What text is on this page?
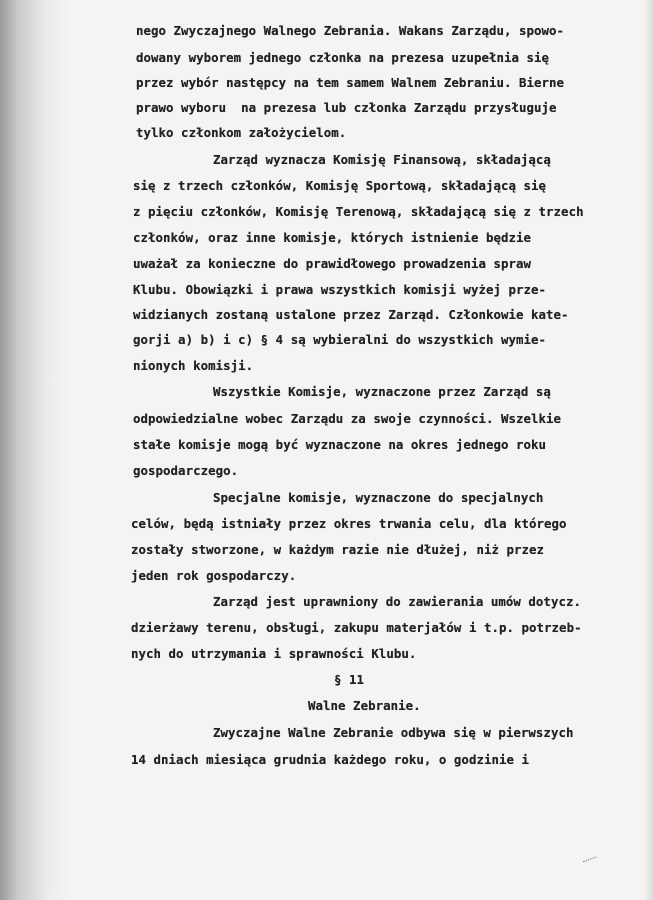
nego Zwyczajnego Walnego Zebrania. Wakans Zarządu, spowo-
dowany wyborem jednego członka na prezesa uzupełnia się
przez wybór następcy na tem samem Walnem Zebraniu. Bierne
prawo wyboru  na prezesa lub członka Zarządu przysługuje
tylko członkom założycielom.
Zarząd wyznacza Komisję Finansową, składającą
się z trzech członków, Komisję Sportową, składającą się
z pięciu członków, Komisję Terenową, składającą się z trzech
członków, oraz inne komisje, których istnienie będzie
uważał za konieczne do prawidłowego prowadzenia spraw
Klubu. Obowiązki i prawa wszystkich komisji wyżej prze-
widzianych zostaną ustalone przez Zarząd. Członkowie kate-
gorji a) b) i c) § 4 są wybieralni do wszystkich wymie-
nionych komisji.
Wszystkie Komisje, wyznaczone przez Zarząd są
odpowiedzialne wobec Zarządu za swoje czynności. Wszelkie
stałe komisje mogą być wyznaczone na okres jednego roku
gospodarczego.
Specjalne komisje, wyznaczone do specjalnych
celów, będą istniały przez okres trwania celu, dla którego
zostały stworzone, w każdym razie nie dłużej, niż przez
jeden rok gospodarczy.
Zarząd jest uprawniony do zawierania umów dotycz.
dzierżawy terenu, obsługi, zakupu materjałów i t.p. potrzeb-
nych do utrzymania i sprawności Klubu.
§ 11
Walne Zebranie.
Zwyczajne Walne Zebranie odbywa się w pierwszych
14 dniach miesiąca grudnia każdego roku, o godzinie i
